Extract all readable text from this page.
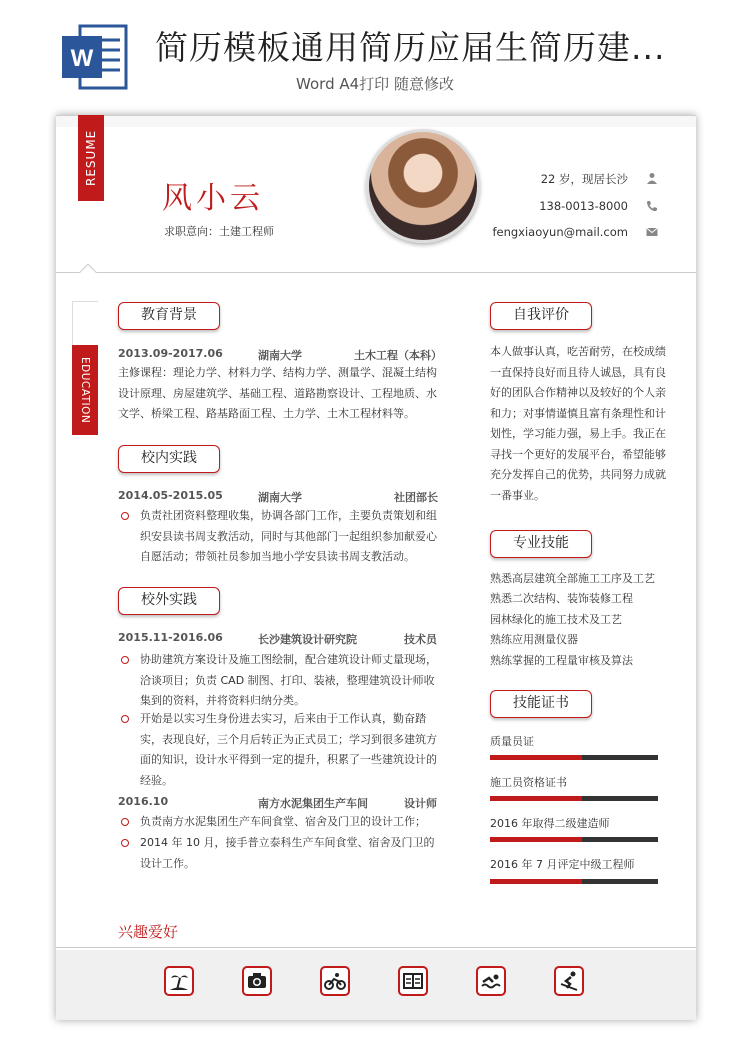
W 简历模板通用简历应届生简历建...
Word A4打印 随意修改
RESUME
风小云
求职意向：土建工程师
22 岁，现居长沙
138-0013-8000
fengxiaoyun@mail.com
EDUCATION
教育背景
2013.09-2017.06	湖南大学	土木工程（本科）
主修课程：理论力学、材料力学、结构力学、测量学、混凝土结构设计原理、房屋建筑学、基础工程、道路勘察设计、工程地质、水文学、桥梁工程、路基路面工程、土力学、土木工程材料等。
校内实践
2014.05-2015.05	湖南大学	社团部长
负责社团资料整理收集，协调各部门工作，主要负责策划和组织安县读书周支教活动，同时与其他部门一起组织参加献爱心自愿活动；带领社员参加当地小学安县读书周支教活动。
校外实践
2015.11-2016.06	长沙建筑设计研究院	技术员
协助建筑方案设计及施工图绘制，配合建筑设计师丈量现场，洽谈项目；负责 CAD 制图、打印、装裱，整理建筑设计师收集到的资料，并将资料归纳分类。
开始是以实习生身份进去实习，后来由于工作认真，勤奋踏实，表现良好，三个月后转正为正式员工；学习到很多建筑方面的知识，设计水平得到一定的提升，积累了一些建筑设计的经验。
2016.10	南方水泥集团生产车间	设计师
负责南方水泥集团生产车间食堂、宿舍及门卫的设计工作；
2014 年 10 月，接手普立泰科生产车间食堂、宿舍及门卫的设计工作。
自我评价
本人做事认真，吃苦耐劳，在校成绩一直保持良好而且待人诚恳，具有良好的团队合作精神以及较好的个人亲和力；对事情谨慎且富有条理性和计划性，学习能力强，易上手。我正在寻找一个更好的发展平台，希望能够充分发挥自己的优势，共同努力成就一番事业。
专业技能
熟悉高层建筑全部施工工序及工艺
熟悉二次结构、装饰装修工程
园林绿化的施工技术及工艺
熟练应用测量仪器
熟练掌握的工程量审核及算法
技能证书
质量员证
施工员资格证书
2016 年取得二级建造师
2016 年 7 月评定中级工程师
兴趣爱好
